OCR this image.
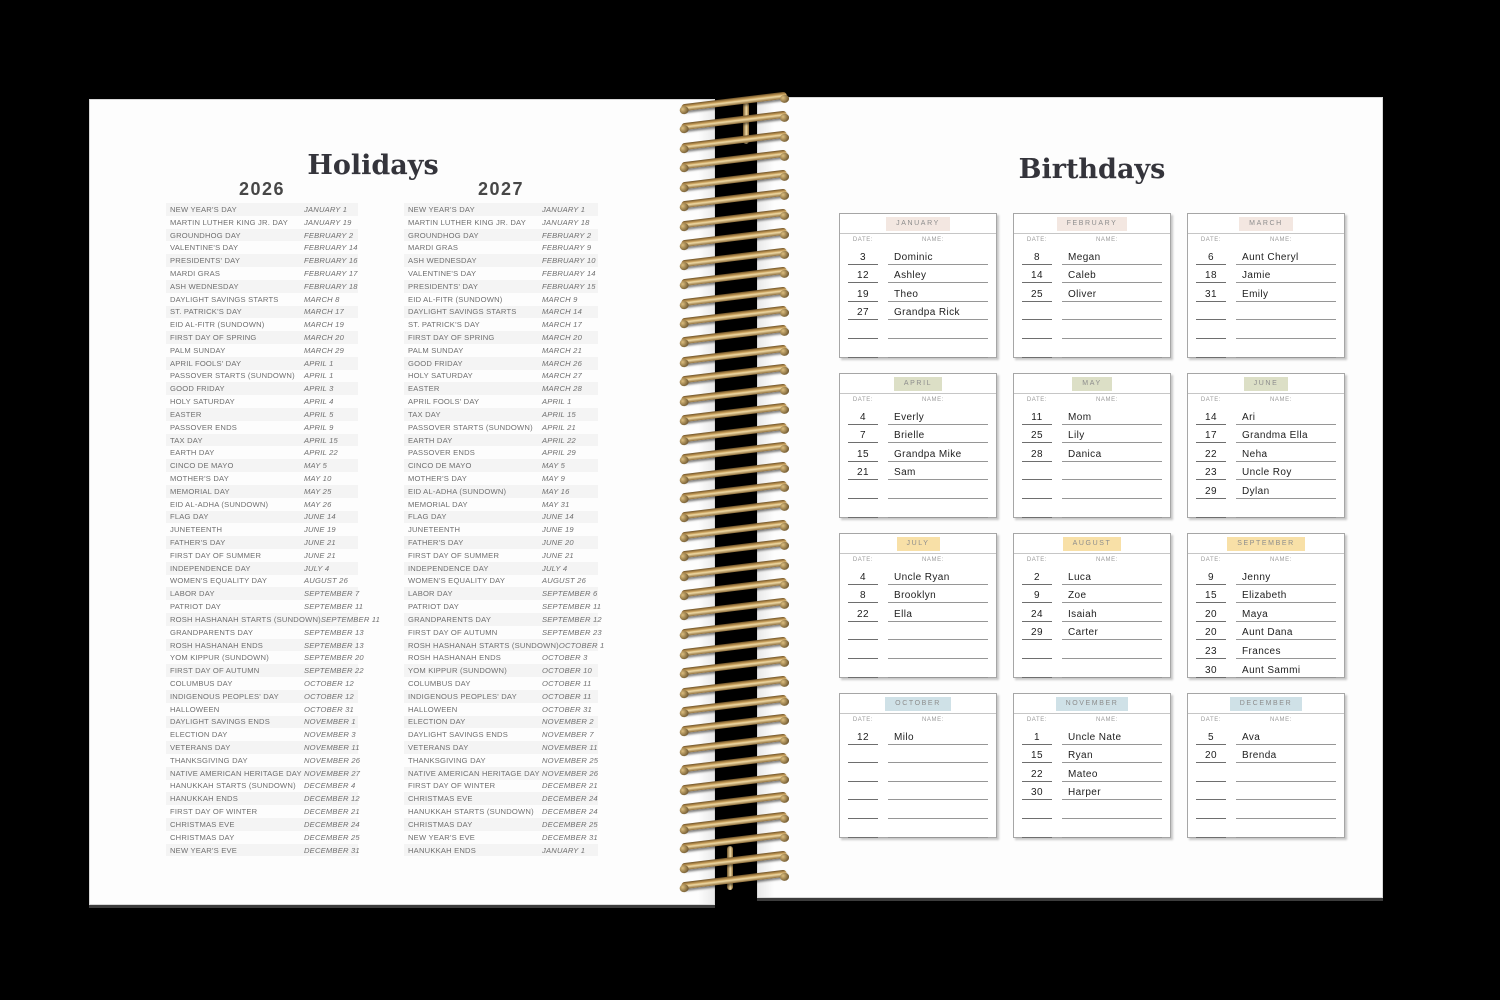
Holidays
2026	2027
NEW YEAR'S DAY	JANUARY 1
MARTIN LUTHER KING JR. DAY	JANUARY 19
GROUNDHOG DAY	FEBRUARY 2
VALENTINE'S DAY	FEBRUARY 14
PRESIDENTS' DAY	FEBRUARY 16
MARDI GRAS	FEBRUARY 17
ASH WEDNESDAY	FEBRUARY 18
DAYLIGHT SAVINGS STARTS	MARCH 8
ST. PATRICK'S DAY	MARCH 17
EID AL-FITR (SUNDOWN)	MARCH 19
FIRST DAY OF SPRING	MARCH 20
PALM SUNDAY	MARCH 29
APRIL FOOLS' DAY	APRIL 1
PASSOVER STARTS (SUNDOWN)	APRIL 1
GOOD FRIDAY	APRIL 3
HOLY SATURDAY	APRIL 4
EASTER	APRIL 5
PASSOVER ENDS	APRIL 9
TAX DAY	APRIL 15
EARTH DAY	APRIL 22
CINCO DE MAYO	MAY 5
MOTHER'S DAY	MAY 10
MEMORIAL DAY	MAY 25
EID AL-ADHA (SUNDOWN)	MAY 26
FLAG DAY	JUNE 14
JUNETEENTH	JUNE 19
FATHER'S DAY	JUNE 21
FIRST DAY OF SUMMER	JUNE 21
INDEPENDENCE DAY	JULY 4
WOMEN'S EQUALITY DAY	AUGUST 26
LABOR DAY	SEPTEMBER 7
PATRIOT DAY	SEPTEMBER 11
ROSH HASHANAH STARTS (SUNDOWN) SEPTEMBER 11
GRANDPARENTS DAY	SEPTEMBER 13
ROSH HASHANAH ENDS	SEPTEMBER 13
YOM KIPPUR (SUNDOWN)	SEPTEMBER 20
FIRST DAY OF AUTUMN	SEPTEMBER 22
COLUMBUS DAY	OCTOBER 12
INDIGENOUS PEOPLES' DAY	OCTOBER 12
HALLOWEEN	OCTOBER 31
DAYLIGHT SAVINGS ENDS	NOVEMBER 1
ELECTION DAY	NOVEMBER 3
VETERANS DAY	NOVEMBER 11
THANKSGIVING DAY	NOVEMBER 26
NATIVE AMERICAN HERITAGE DAY NOVEMBER 27
HANUKKAH STARTS (SUNDOWN)	DECEMBER 4
HANUKKAH ENDS	DECEMBER 12
FIRST DAY OF WINTER	DECEMBER 21
CHRISTMAS EVE	DECEMBER 24
CHRISTMAS DAY	DECEMBER 25
NEW YEAR'S EVE	DECEMBER 31
NEW YEAR'S DAY	JANUARY 1
MARTIN LUTHER KING JR. DAY	JANUARY 18
GROUNDHOG DAY	FEBRUARY 2
MARDI GRAS	FEBRUARY 9
ASH WEDNESDAY	FEBRUARY 10
VALENTINE'S DAY	FEBRUARY 14
PRESIDENTS' DAY	FEBRUARY 15
EID AL-FITR (SUNDOWN)	MARCH 9
DAYLIGHT SAVINGS STARTS	MARCH 14
ST. PATRICK'S DAY	MARCH 17
FIRST DAY OF SPRING	MARCH 20
PALM SUNDAY	MARCH 21
GOOD FRIDAY	MARCH 26
HOLY SATURDAY	MARCH 27
EASTER	MARCH 28
APRIL FOOLS' DAY	APRIL 1
TAX DAY	APRIL 15
PASSOVER STARTS (SUNDOWN)	APRIL 21
EARTH DAY	APRIL 22
PASSOVER ENDS	APRIL 29
CINCO DE MAYO	MAY 5
MOTHER'S DAY	MAY 9
EID AL-ADHA (SUNDOWN)	MAY 16
MEMORIAL DAY	MAY 31
FLAG DAY	JUNE 14
JUNETEENTH	JUNE 19
FATHER'S DAY	JUNE 20
FIRST DAY OF SUMMER	JUNE 21
INDEPENDENCE DAY	JULY 4
WOMEN'S EQUALITY DAY	AUGUST 26
LABOR DAY	SEPTEMBER 6
PATRIOT DAY	SEPTEMBER 11
GRANDPARENTS DAY	SEPTEMBER 12
FIRST DAY OF AUTUMN	SEPTEMBER 23
ROSH HASHANAH STARTS (SUNDOWN) OCTOBER 1
ROSH HASHANAH ENDS	OCTOBER 3
YOM KIPPUR (SUNDOWN)	OCTOBER 10
COLUMBUS DAY	OCTOBER 11
INDIGENOUS PEOPLES' DAY	OCTOBER 11
HALLOWEEN	OCTOBER 31
ELECTION DAY	NOVEMBER 2
DAYLIGHT SAVINGS ENDS	NOVEMBER 7
VETERANS DAY	NOVEMBER 11
THANKSGIVING DAY	NOVEMBER 25
NATIVE AMERICAN HERITAGE DAY NOVEMBER 26
FIRST DAY OF WINTER	DECEMBER 21
CHRISTMAS EVE	DECEMBER 24
HANUKKAH STARTS (SUNDOWN)	DECEMBER 24
CHRISTMAS DAY	DECEMBER 25
NEW YEAR'S EVE	DECEMBER 31
HANUKKAH ENDS	JANUARY 1
Birthdays
JANUARY
DATE:	NAME:
3	Dominic
12	Ashley
19	Theo
27	Grandpa Rick
FEBRUARY
DATE:	NAME:
8	Megan
14	Caleb
25	Oliver
MARCH
DATE:	NAME:
6	Aunt Cheryl
18	Jamie
31	Emily
APRIL
DATE:	NAME:
4	Everly
7	Brielle
15	Grandpa Mike
21	Sam
MAY
DATE:	NAME:
11	Mom
25	Lily
28	Danica
JUNE
DATE:	NAME:
14	Ari
17	Grandma Ella
22	Neha
23	Uncle Roy
29	Dylan
JULY
DATE:	NAME:
4	Uncle Ryan
8	Brooklyn
22	Ella
AUGUST
DATE:	NAME:
2	Luca
9	Zoe
24	Isaiah
29	Carter
SEPTEMBER
DATE:	NAME:
9	Jenny
15	Elizabeth
20	Maya
20	Aunt Dana
23	Frances
30	Aunt Sammi
OCTOBER
DATE:	NAME:
12	Milo
NOVEMBER
DATE:	NAME:
1	Uncle Nate
15	Ryan
22	Mateo
30	Harper
DECEMBER
DATE:	NAME:
5	Ava
20	Brenda
